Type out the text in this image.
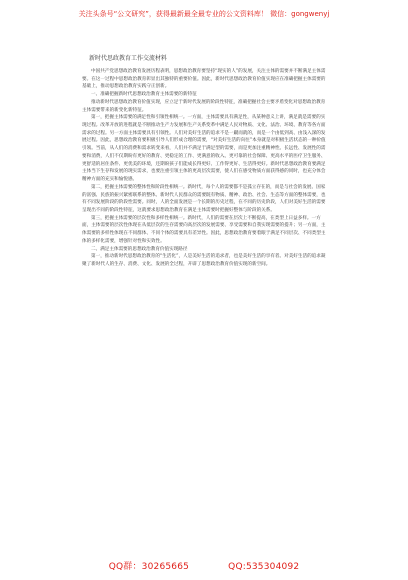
关注头条号“公文研究”，获得最新最全最专业的公文资料库！ 微信：gongwenyj
新时代思政教育工作交流材料

中国共产党思想政治教育发展历程表明，思想政治教育要坚持“现实的人”的发展，关注主体的需要并不断满足主体需要。在这一过程中思想政治教育彰显出其独特的重要价值。因此，新时代思想政治教育价值实现应在准确把握主体需要的基础上，推动思想政治教育实践守正创新。

一、准确把握新时代思想政治教育主体需要的新特征

推动新时代思想政治教育价值实现，应立足于新时代发展的阶段性特征，准确把握社会主要矛盾变化对思想政治教育主体需要带来的新变化新特征。

第一，把握主体需要的满足性和引领性相统一。一方面，主体需要具有满足性，从某种意义上讲，满足就是需要的实现过程。改革开放的进程就是不断推动生产力发展和生产关系变革中满足人民对物质、文化、法治、环境、教育等各方面需求的过程。另一方面主体需要具有引领性。人们对美好生活的追求不是一蹴而就的，而是一个由低到高、由浅入深的发展过程。因此，思想政治教育要积极引导人们形成合理的需要，“对美好生活的向往”本身就是对积极生活状态的一种价值引领。当前，从人们的消费和需求转变来看，人们并不满足于满足型的需要，而是更加注重精神性、长远性、发展性的需要和消费，人们不仅期盼有更好的教育、更稳定的工作、更满意的收入、更可靠的社会保障、更高水平的医疗卫生服务、更舒适的居住条件、更优美的环境，还期盼孩子们能成长得更好、工作得更好、生活得更好。新时代思想政治教育要满足主体当下生存和发展的现实需求，也要注重引领主体的更高层次需要，使人们在感受物质方面获得感的同时，也充分体会精神方面的充实和愉悦感。

第二，把握主体需要的整体性和阶段性相统一。新时代，每个人的需要都不是孤立存在的，而是与社会的发展、国家的富强、民族的振兴紧密联系的整体。新时代人民群众的需要既有物质、精神、政治、社会、生态等方面的整体需要，也有不同发展阶段的阶段性需要。同时，人的全面发展是一个长期的历史过程，在不同的历史阶段，人们对美好生活的需要呈现出不同的阶段性特征，这就要求思想政治教育在满足主体需要时把握好整体与阶段的关系。

第三，把握主体需要的层次性和多样性相统一。新时代，人们的需要在层次上不断提高，在类型上日益多样。一方面，主体需要的层次性体现在从低层次的生存需要向高层次的发展需要、享受需要和自我实现需要的提升；另一方面，主体需要的多样性体现在不同群体、不同个体的需要具有差异性。因此，思想政治教育要着眼于满足不同层次、不同类型主体的多样化需要，增强针对性和实效性。

二、满足主体需要的思想政治教育价值实现路径

第一，推动新时代思想政治教育的“生活化”，人是美好生活的追求者，也是美好生活的享有者。对美好生活的追求凝聚了新时代人的生存、消费、文化、发展的全过程，开辟了思想政治教育价值实现的新空间。

QQ群：30265665	QQ:535304092
